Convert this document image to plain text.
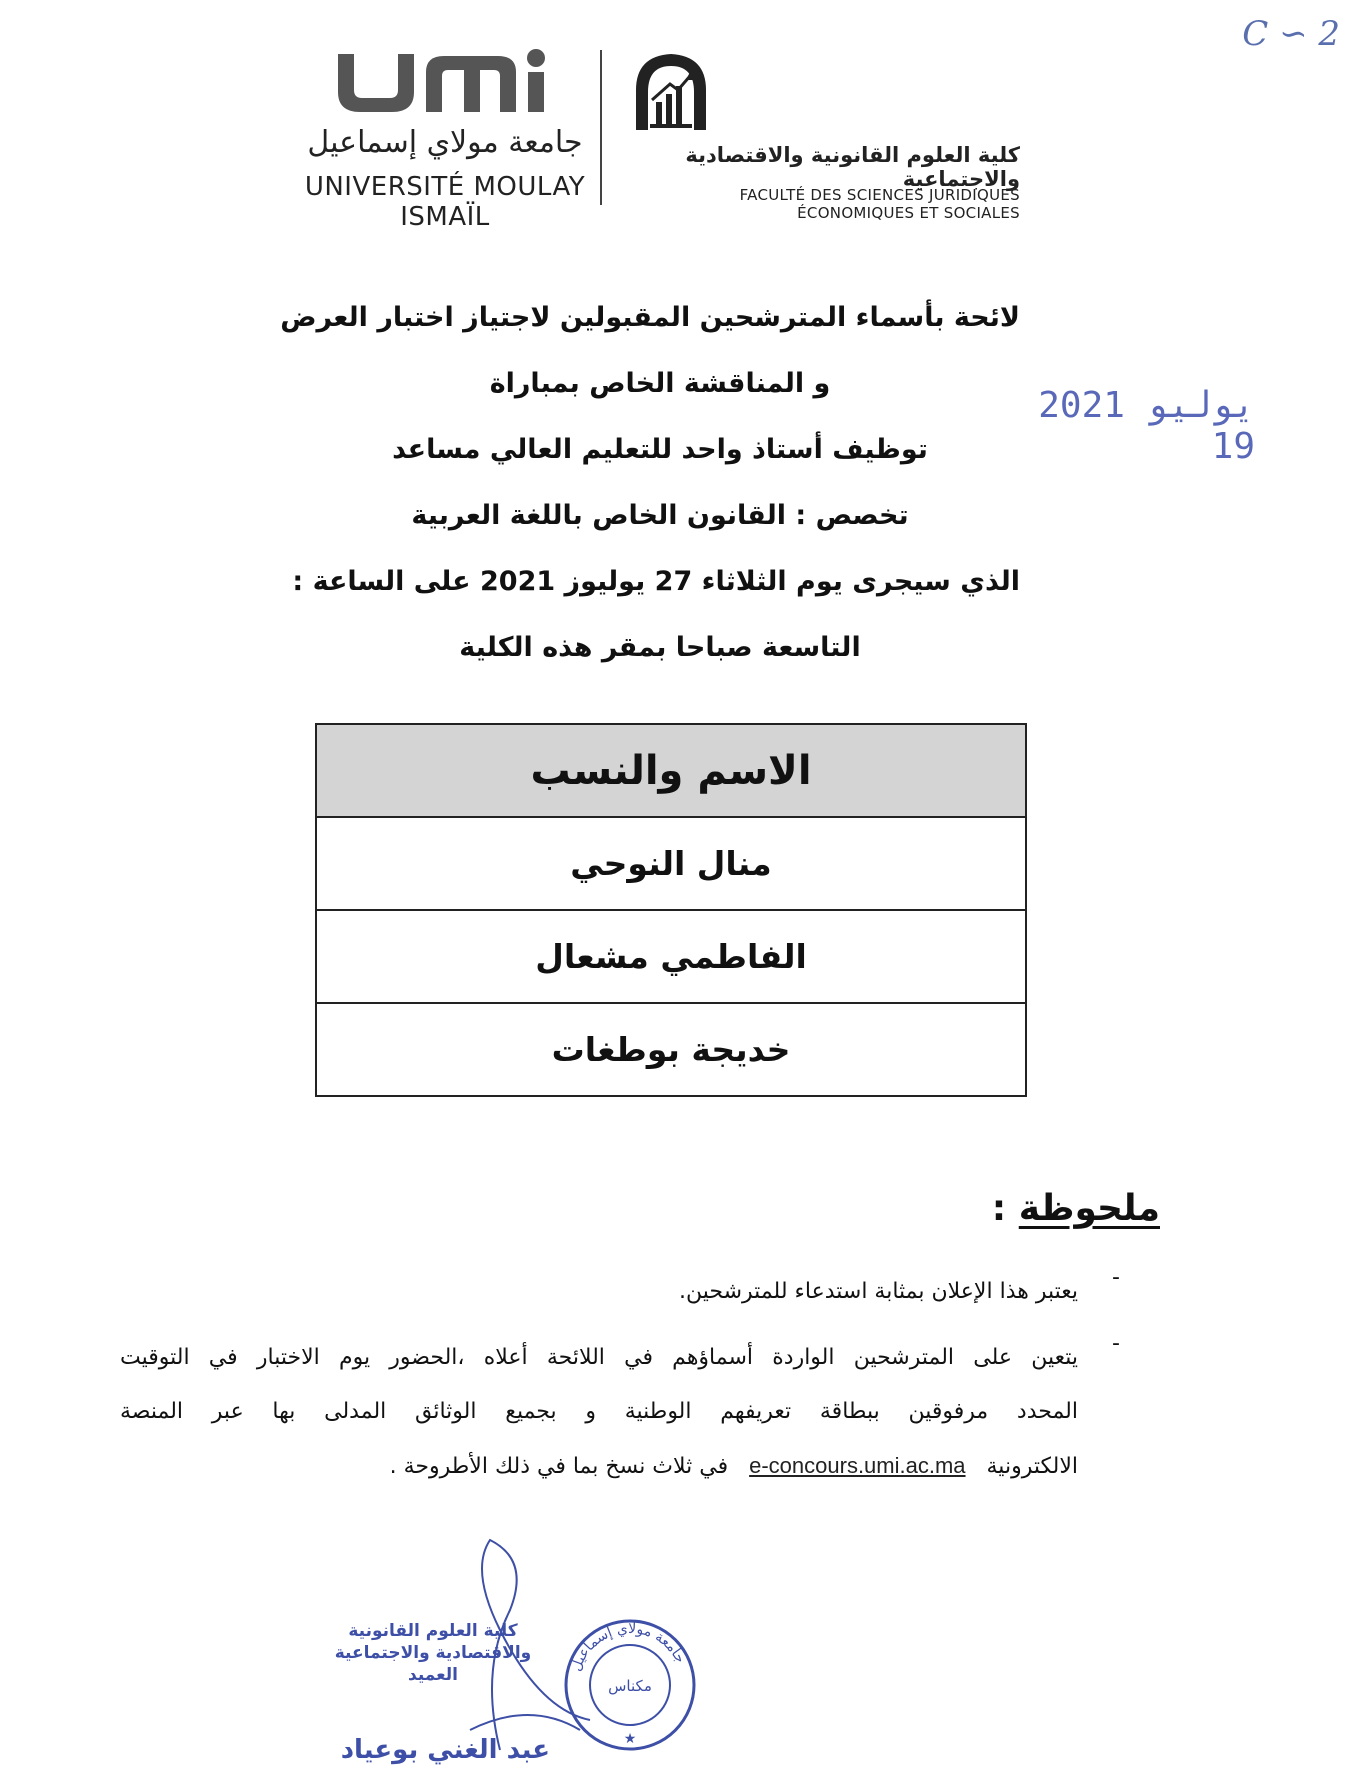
جامعة مولاي إسماعيل
UNIVERSITÉ MOULAY ISMAÏL
كلية العلوم القانونية والاقتصادية والاجتماعية
FACULTÉ DES SCIENCES JURIDIQUES ÉCONOMIQUES ET SOCIALES
C ∽ 2
2021 يوليو 19
لائحة بأسماء المترشحين المقبولين لاجتياز اختبار العرض
و المناقشة الخاص بمباراة
توظيف أستاذ واحد للتعليم العالي مساعد
تخصص : القانون الخاص باللغة العربية
الذي سيجرى يوم الثلاثاء 27 يوليوز 2021 على الساعة :
التاسعة صباحا بمقر هذه الكلية
الاسم والنسب
منال النوحي
الفاطمي مشعال
خديجة بوطغات
ملحوظة :
-
يعتبر هذا الإعلان بمثابة استدعاء للمترشحين.
-
يتعين على المترشحين الواردة أسماؤهم في اللائحة أعلاه ،الحضور يوم الاختبار في التوقيت
المحدد مرفوقين ببطاقة تعريفهم الوطنية و بجميع الوثائق المدلى بها عبر المنصة
الالكترونية   e-concours.umi.ac.ma   في ثلاث نسخ بما في ذلك الأطروحة .
كلية العلوم القانونية
والاقتصادية والاجتماعية
العميد
عبد الغني بوعياد
جامعة مولاي إسماعيل
مكناس
★
